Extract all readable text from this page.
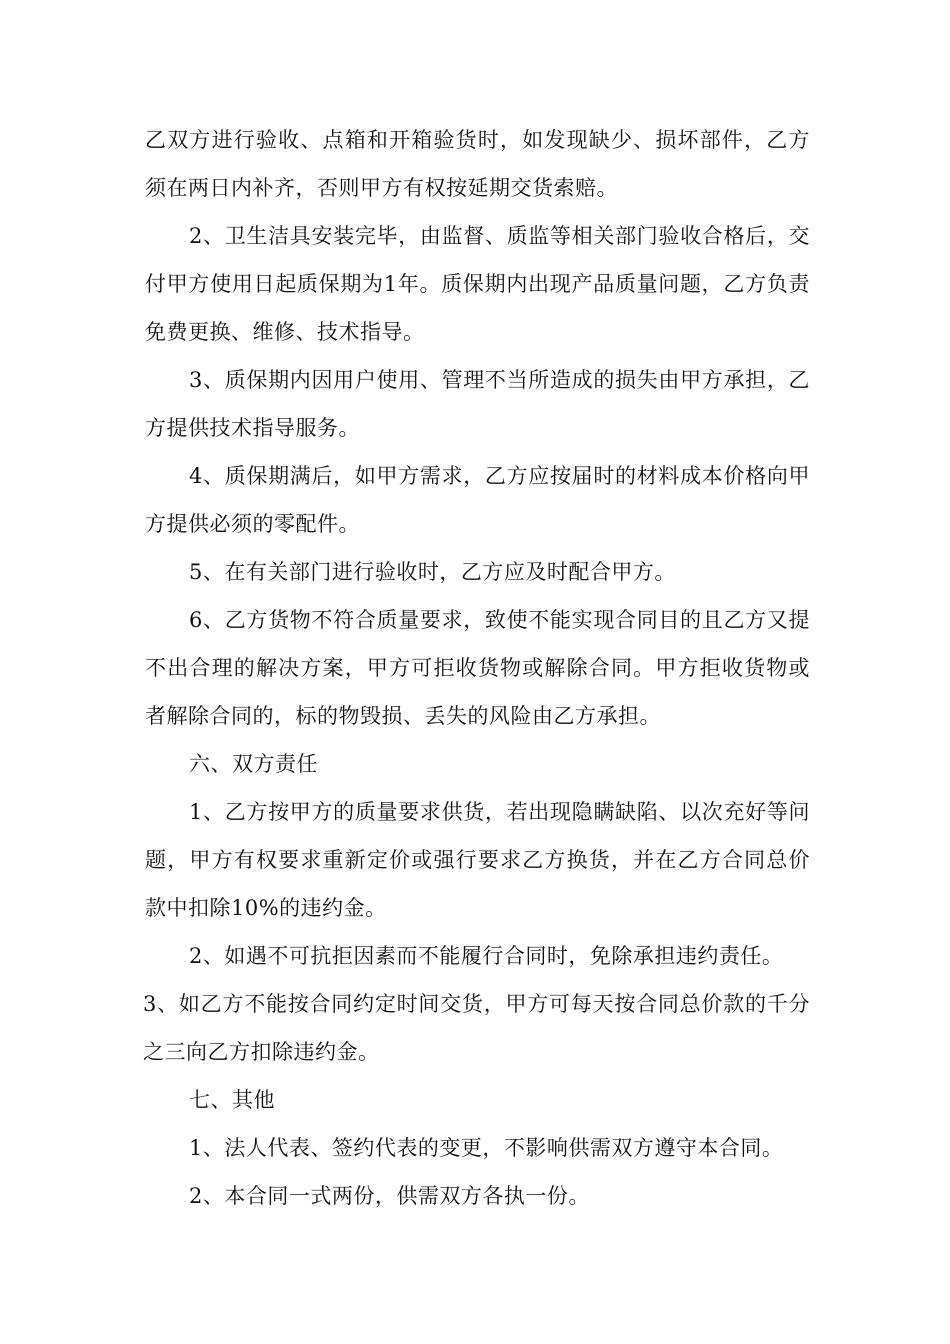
乙双方进行验收、点箱和开箱验货时，如发现缺少、损坏部件，乙方须在两日内补齐，否则甲方有权按延期交货索赔。

2、卫生洁具安装完毕，由监督、质监等相关部门验收合格后，交付甲方使用日起质保期为1年。质保期内出现产品质量问题，乙方负责免费更换、维修、技术指导。

3、质保期内因用户使用、管理不当所造成的损失由甲方承担，乙方提供技术指导服务。

4、质保期满后，如甲方需求，乙方应按届时的材料成本价格向甲方提供必须的零配件。

5、在有关部门进行验收时，乙方应及时配合甲方。

6、乙方货物不符合质量要求，致使不能实现合同目的且乙方又提不出合理的解决方案，甲方可拒收货物或解除合同。甲方拒收货物或者解除合同的，标的物毁损、丢失的风险由乙方承担。

六、双方责任

1、乙方按甲方的质量要求供货，若出现隐瞒缺陷、以次充好等问题，甲方有权要求重新定价或强行要求乙方换货，并在乙方合同总价款中扣除10%的违约金。

2、如遇不可抗拒因素而不能履行合同时，免除承担违约责任。

3、如乙方不能按合同约定时间交货，甲方可每天按合同总价款的千分之三向乙方扣除违约金。

七、其他

1、法人代表、签约代表的变更，不影响供需双方遵守本合同。

2、本合同一式两份，供需双方各执一份。
